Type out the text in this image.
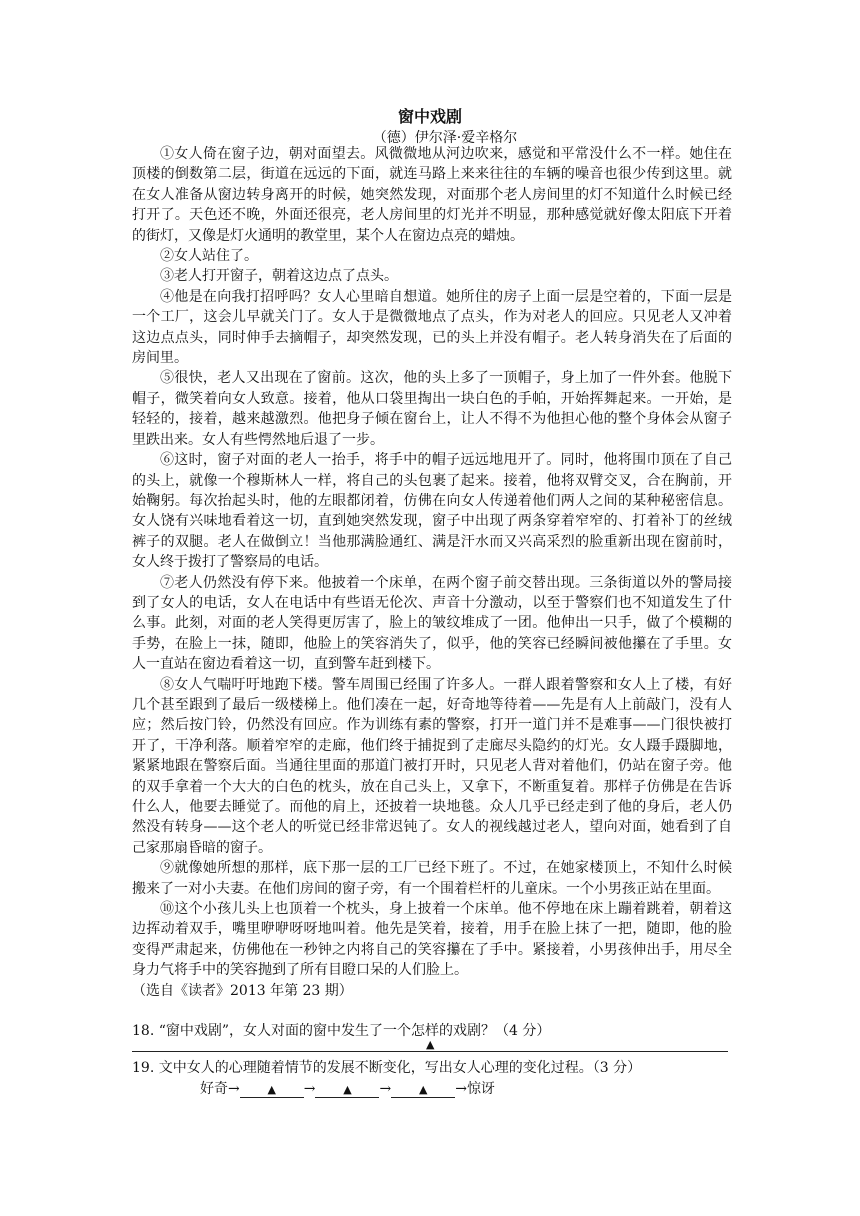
窗中戏剧
（德）伊尔泽·爱辛格尔

①女人倚在窗子边，朝对面望去。风微微地从河边吹来，感觉和平常没什么不一样。她住在顶楼的倒数第二层，街道在远远的下面，就连马路上来来往往的车辆的噪音也很少传到这里。就在女人准备从窗边转身离开的时候，她突然发现，对面那个老人房间里的灯不知道什么时候已经打开了。天色还不晚，外面还很亮，老人房间里的灯光并不明显，那种感觉就好像太阳底下开着的街灯，又像是灯火通明的教堂里，某个人在窗边点亮的蜡烛。

②女人站住了。

③老人打开窗子，朝着这边点了点头。

④他是在向我打招呼吗？女人心里暗自想道。她所住的房子上面一层是空着的，下面一层是一个工厂，这会儿早就关门了。女人于是微微地点了点头，作为对老人的回应。只见老人又冲着这边点点头，同时伸手去摘帽子，却突然发现，已的头上并没有帽子。老人转身消失在了后面的房间里。

⑤很快，老人又出现在了窗前。这次，他的头上多了一顶帽子，身上加了一件外套。他脱下帽子，微笑着向女人致意。接着，他从口袋里掏出一块白色的手帕，开始挥舞起来。一开始，是轻轻的，接着，越来越激烈。他把身子倾在窗台上，让人不得不为他担心他的整个身体会从窗子里跌出来。女人有些愕然地后退了一步。

⑥这时，窗子对面的老人一抬手，将手中的帽子远远地甩开了。同时，他将围巾顶在了自己的头上，就像一个穆斯林人一样，将自己的头包裹了起来。接着，他将双臂交叉，合在胸前，开始鞠躬。每次抬起头时，他的左眼都闭着，仿佛在向女人传递着他们两人之间的某种秘密信息。女人饶有兴味地看着这一切，直到她突然发现，窗子中出现了两条穿着窄窄的、打着补丁的丝绒裤子的双腿。老人在做倒立！当他那满脸通红、满是汗水而又兴高采烈的脸重新出现在窗前时，女人终于拨打了警察局的电话。

⑦老人仍然没有停下来。他披着一个床单，在两个窗子前交替出现。三条街道以外的警局接到了女人的电话，女人在电话中有些语无伦次、声音十分激动，以至于警察们也不知道发生了什么事。此刻，对面的老人笑得更厉害了，脸上的皱纹堆成了一团。他伸出一只手，做了个模糊的手势，在脸上一抹，随即，他脸上的笑容消失了，似乎，他的笑容已经瞬间被他攥在了手里。女人一直站在窗边看着这一切，直到警车赶到楼下。

⑧女人气喘吁吁地跑下楼。警车周围已经围了许多人。一群人跟着警察和女人上了楼，有好几个甚至跟到了最后一级楼梯上。他们凑在一起，好奇地等待着——先是有人上前敲门，没有人应；然后按门铃，仍然没有回应。作为训练有素的警察，打开一道门并不是难事——门很快被打开了，干净利落。顺着窄窄的走廊，他们终于捕捉到了走廊尽头隐约的灯光。女人蹑手蹑脚地，紧紧地跟在警察后面。当通往里面的那道门被打开时，只见老人背对着他们，仍站在窗子旁。他的双手拿着一个大大的白色的枕头，放在自己头上，又拿下，不断重复着。那样子仿佛是在告诉什么人，他要去睡觉了。而他的肩上，还披着一块地毯。众人几乎已经走到了他的身后，老人仍然没有转身——这个老人的听觉已经非常迟钝了。女人的视线越过老人，望向对面，她看到了自己家那扇昏暗的窗子。

⑨就像她所想的那样，底下那一层的工厂已经下班了。不过，在她家楼顶上，不知什么时候搬来了一对小夫妻。在他们房间的窗子旁，有一个围着栏杆的儿童床。一个小男孩正站在里面。

⑩这个小孩儿头上也顶着一个枕头，身上披着一个床单。他不停地在床上蹦着跳着，朝着这边挥动着双手，嘴里咿咿呀呀地叫着。他先是笑着，接着，用手在脸上抹了一把，随即，他的脸变得严肃起来，仿佛他在一秒钟之内将自己的笑容攥在了手中。紧接着，小男孩伸出手，用尽全身力气将手中的笑容抛到了所有目瞪口呆的人们脸上。

（选自《读者》2013 年第 23 期）

18. “窗中戏剧”，女人对面的窗中发生了一个怎样的戏剧？（4 分）
▲
19. 文中女人的心理随着情节的发展不断变化，写出女人心理的变化过程。（3 分）
好奇→	▲ →	▲ →	▲ →惊讶
